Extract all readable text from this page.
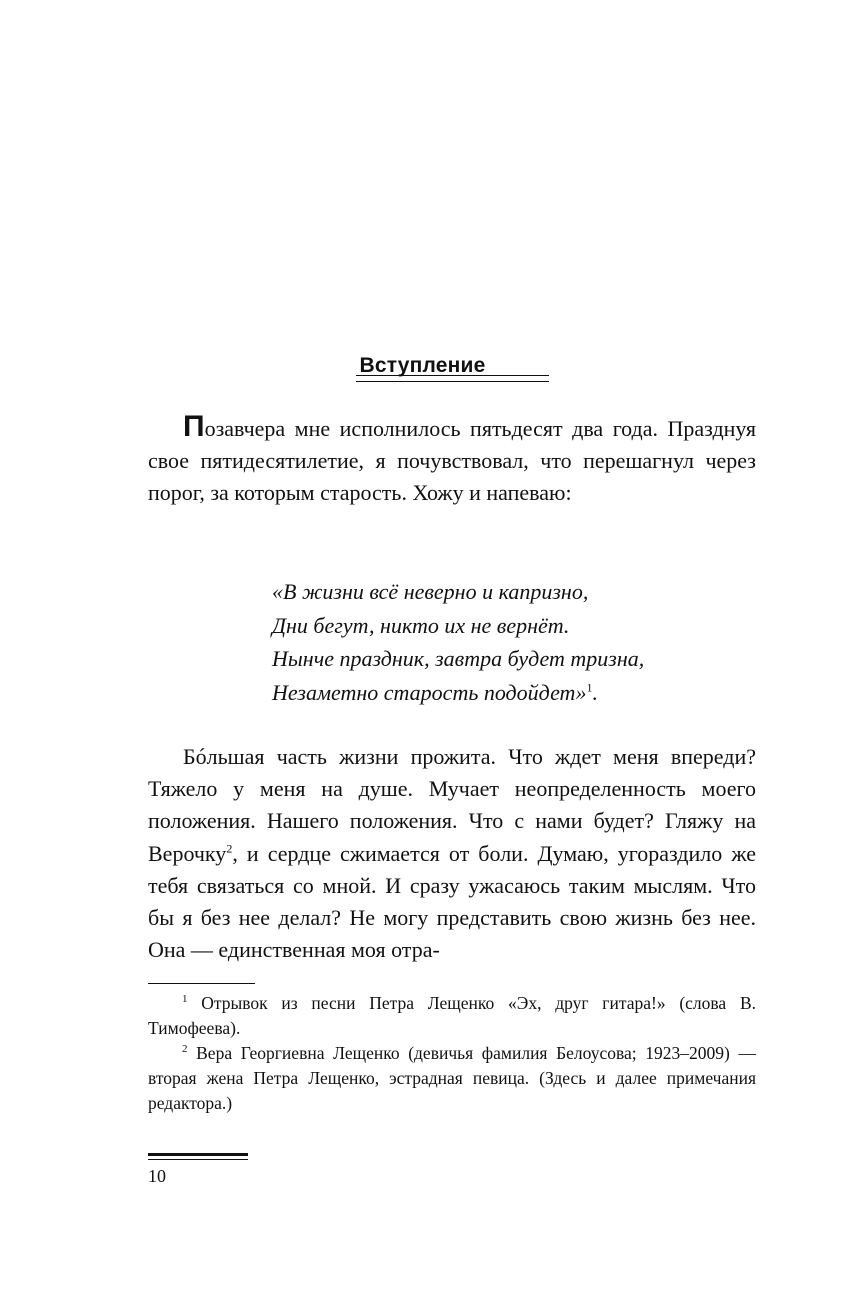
Вступление

Позавчера мне исполнилось пятьдесят два года. Празднуя свое пятидесятилетие, я почувствовал, что перешагнул через порог, за которым старость. Хожу и напеваю:

«В жизни всё неверно и капризно,
Дни бегут, никто их не вернёт.
Нынче праздник, завтра будет тризна,
Незаметно старость подойдет»$^1$.

Бóльшая часть жизни прожита. Что ждет меня впереди? Тяжело у меня на душе. Мучает неопределенность моего положения. Нашего положения. Что с нами будет? Гляжу на Верочку$^2$, и сердце сжимается от боли. Думаю, угораздило же тебя связаться со мной. И сразу ужасаюсь таким мыслям. Что бы я без нее делал? Не могу представить свою жизнь без нее. Она — единственная моя отра-

$^1$ Отрывок из песни Петра Лещенко «Эх, друг гитара!» (слова В. Тимофеева).

$^2$ Вера Георгиевна Лещенко (девичья фамилия Белоусова; 1923–2009) — вторая жена Петра Лещенко, эстрадная певица. (Здесь и далее примечания редактора.)

10
